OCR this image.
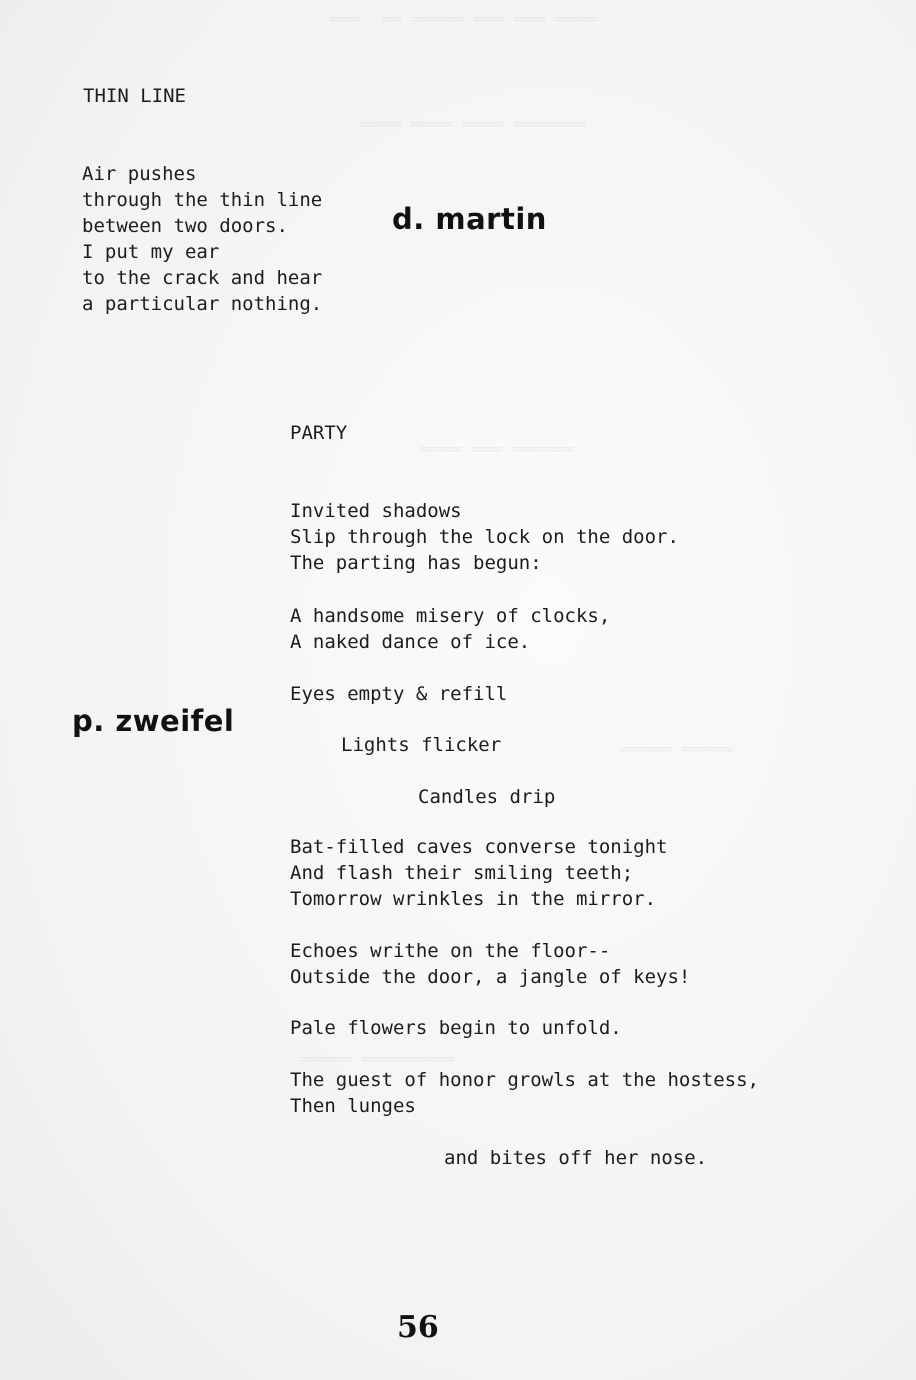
═══  ══ ═════ ═══ ═══ ════
════ ════ ════ ═══════
════ ═══ ══════
═════ ═════
═════ ═════════
THIN LINE
Air pushes
through the thin line
between two doors.
I put my ear
to the crack and hear
a particular nothing.
d. martin
PARTY
Invited shadows
Slip through the lock on the door.
The parting has begun:
A handsome misery of clocks,
A naked dance of ice.
Eyes empty & refill
Lights flicker
Candles drip
Bat-filled caves converse tonight
And flash their smiling teeth;
Tomorrow wrinkles in the mirror.
Echoes writhe on the floor--
Outside the door, a jangle of keys!
Pale flowers begin to unfold.
The guest of honor growls at the hostess,
Then lunges
and bites off her nose.
p. zweifel
56
